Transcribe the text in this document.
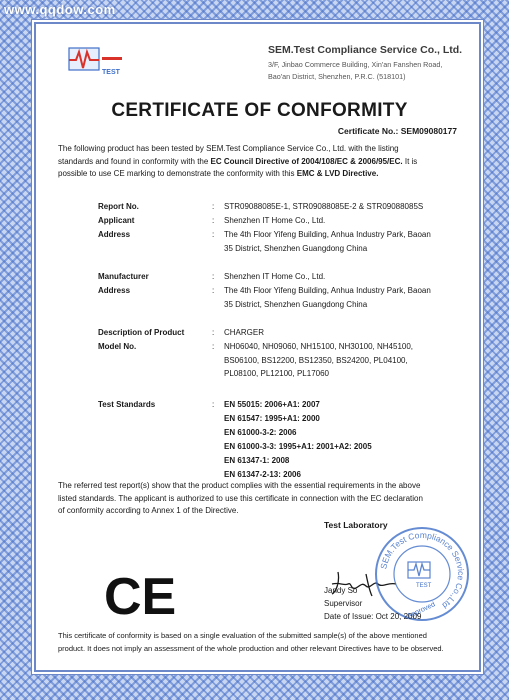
www.qqdow.com
TEST
SEM.Test Compliance Service Co., Ltd.
3/F, Jinbao Commerce Building, Xin'an Fanshen Road,
Bao'an District, Shenzhen, P.R.C. (518101)
CERTIFICATE OF CONFORMITY
Certificate No.: SEM09080177
The following product has been tested by SEM.Test Compliance Service Co., Ltd. with the listing
standards and found in conformity with the EC Council Directive of 2004/108/EC & 2006/95/EC. It is
possible to use CE marking to demonstrate the conformity with this EMC & LVD Directive.
Report No.	: STR09088085E-1, STR09088085E-2 & STR09088085S
Applicant	: Shenzhen IT Home Co., Ltd.
Address	: The 4th Floor Yifeng Building, Anhua Industry Park, Baoan
35 District, Shenzhen Guangdong China
Manufacturer	: Shenzhen IT Home Co., Ltd.
Address	: The 4th Floor Yifeng Building, Anhua Industry Park, Baoan
35 District, Shenzhen Guangdong China
Description of Product	: CHARGER
Model No.	: NH06040, NH09060, NH15100, NH30100, NH45100,
BS06100, BS12200, BS12350, BS24200, PL04100,
PL08100, PL12100, PL17060
Test Standards	: EN 55015: 2006+A1: 2007
EN 61547: 1995+A1: 2000
EN 61000-3-2: 2006
EN 61000-3-3: 1995+A1: 2001+A2: 2005
EN 61347-1: 2008
EN 61347-2-13: 2006
The referred test report(s) show that the product complies with the essential requirements in the above
listed standards. The applicant is authorized to use this certificate in connection with the EC declaration
of conformity according to Annex 1 of the Directive.
Test Laboratory
CE
SEM.Test Compliance Service Co.,Ltd
TEST
Approved
Jandy So
Supervisor
Date of Issue: Oct 20, 2009
This certificate of conformity is based on a single evaluation of the submitted sample(s) of the above mentioned
product. It does not imply an assessment of the whole production and other relevant Directives have to be observed.
